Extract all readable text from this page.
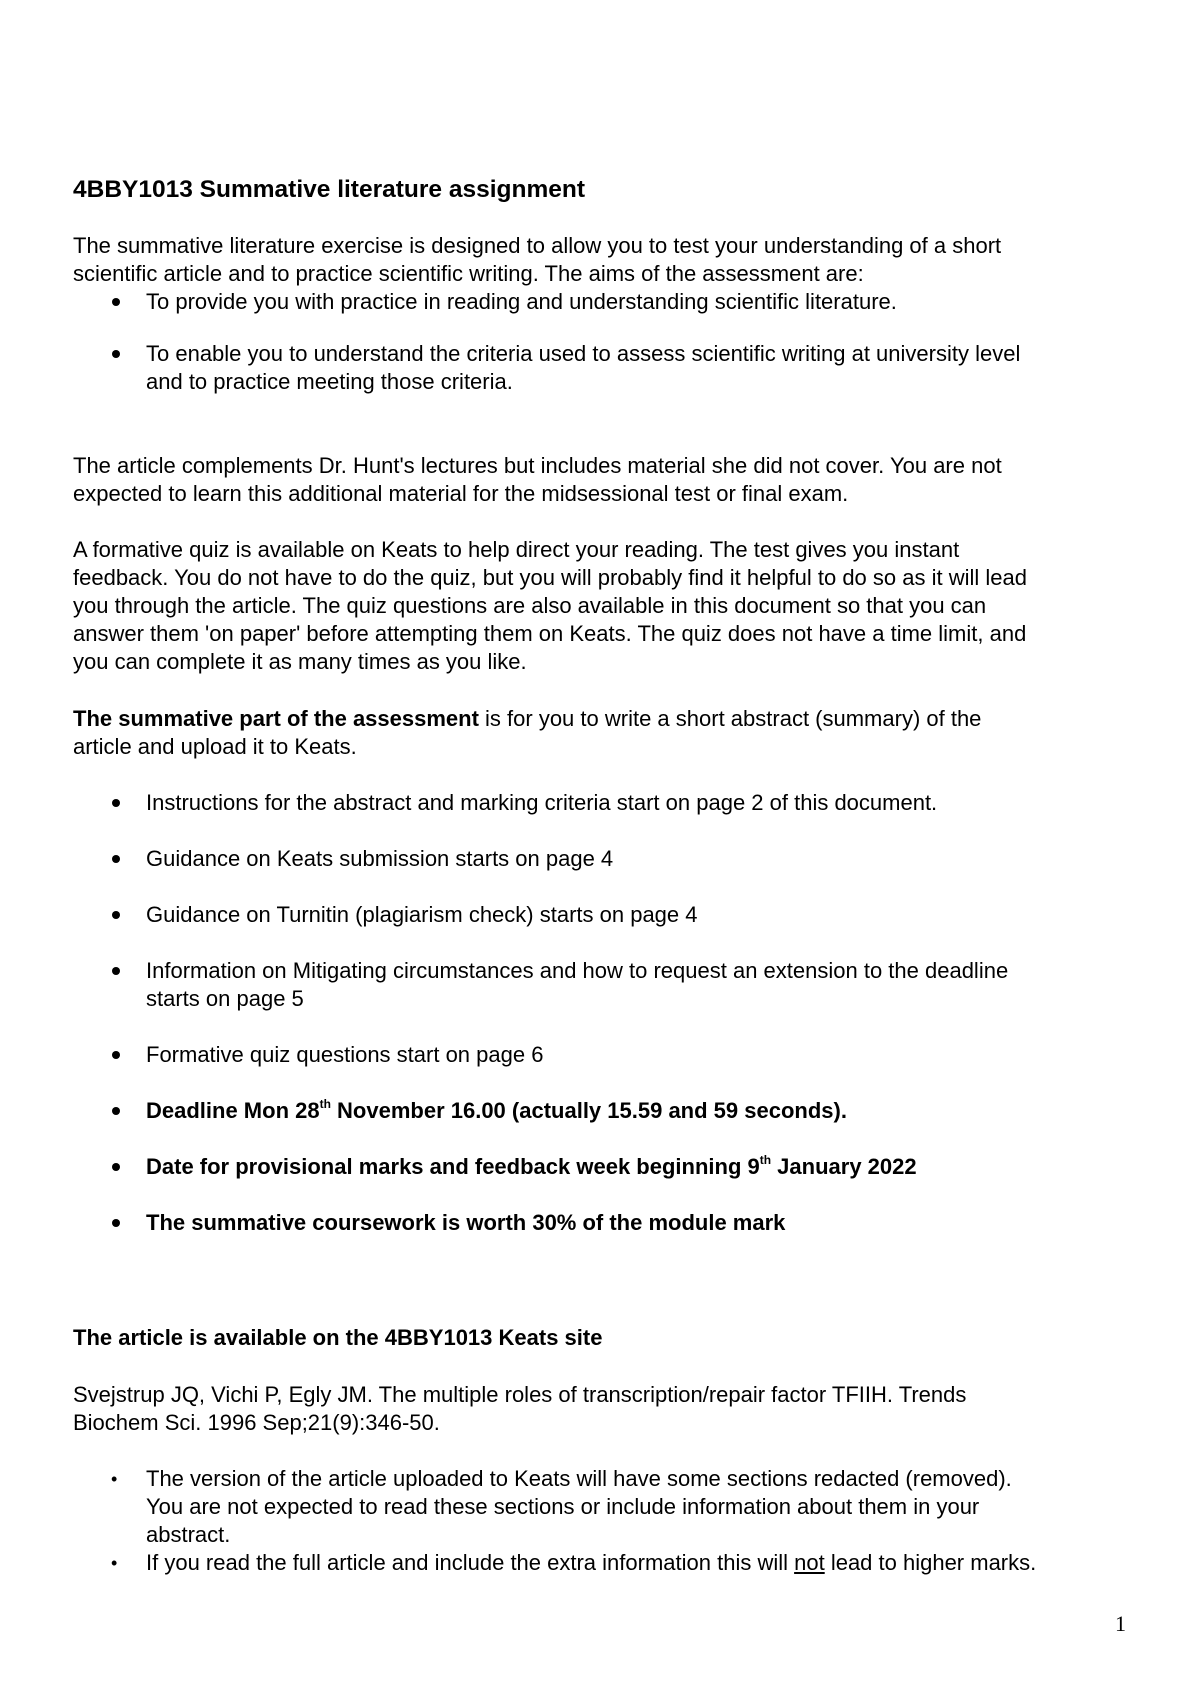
4BBY1013 Summative literature assignment

The summative literature exercise is designed to allow you to test your understanding of a short

scientific article and to practice scientific writing. The aims of the assessment are:

To provide you with practice in reading and understanding scientific literature.
To enable you to understand the criteria used to assess scientific writing at university level
and to practice meeting those criteria.

The article complements Dr. Hunt's lectures but includes material she did not cover. You are not

expected to learn this additional material for the midsessional test or final exam.

A formative quiz is available on Keats to help direct your reading. The test gives you instant

feedback. You do not have to do the quiz, but you will probably find it helpful to do so as it will lead

you through the article. The quiz questions are also available in this document so that you can

answer them 'on paper' before attempting them on Keats. The quiz does not have a time limit, and

you can complete it as many times as you like.

The summative part of the assessment is for you to write a short abstract (summary) of the

article and upload it to Keats.

Instructions for the abstract and marking criteria start on page 2 of this document.
Guidance on Keats submission starts on page 4
Guidance on Turnitin (plagiarism check) starts on page 4
Information on Mitigating circumstances and how to request an extension to the deadline
starts on page 5
Formative quiz questions start on page 6
Deadline Mon 28th November 16.00 (actually 15.59 and 59 seconds).
Date for provisional marks and feedback week beginning 9th January 2022
The summative coursework is worth 30% of the module mark
The article is available on the 4BBY1013 Keats site

Svejstrup JQ, Vichi P, Egly JM. The multiple roles of transcription/repair factor TFIIH. Trends

Biochem Sci. 1996 Sep;21(9):346-50.

• The version of the article uploaded to Keats will have some sections redacted (removed).
You are not expected to read these sections or include information about them in your
abstract.
• If you read the full article and include the extra information this will not lead to higher marks.
1
